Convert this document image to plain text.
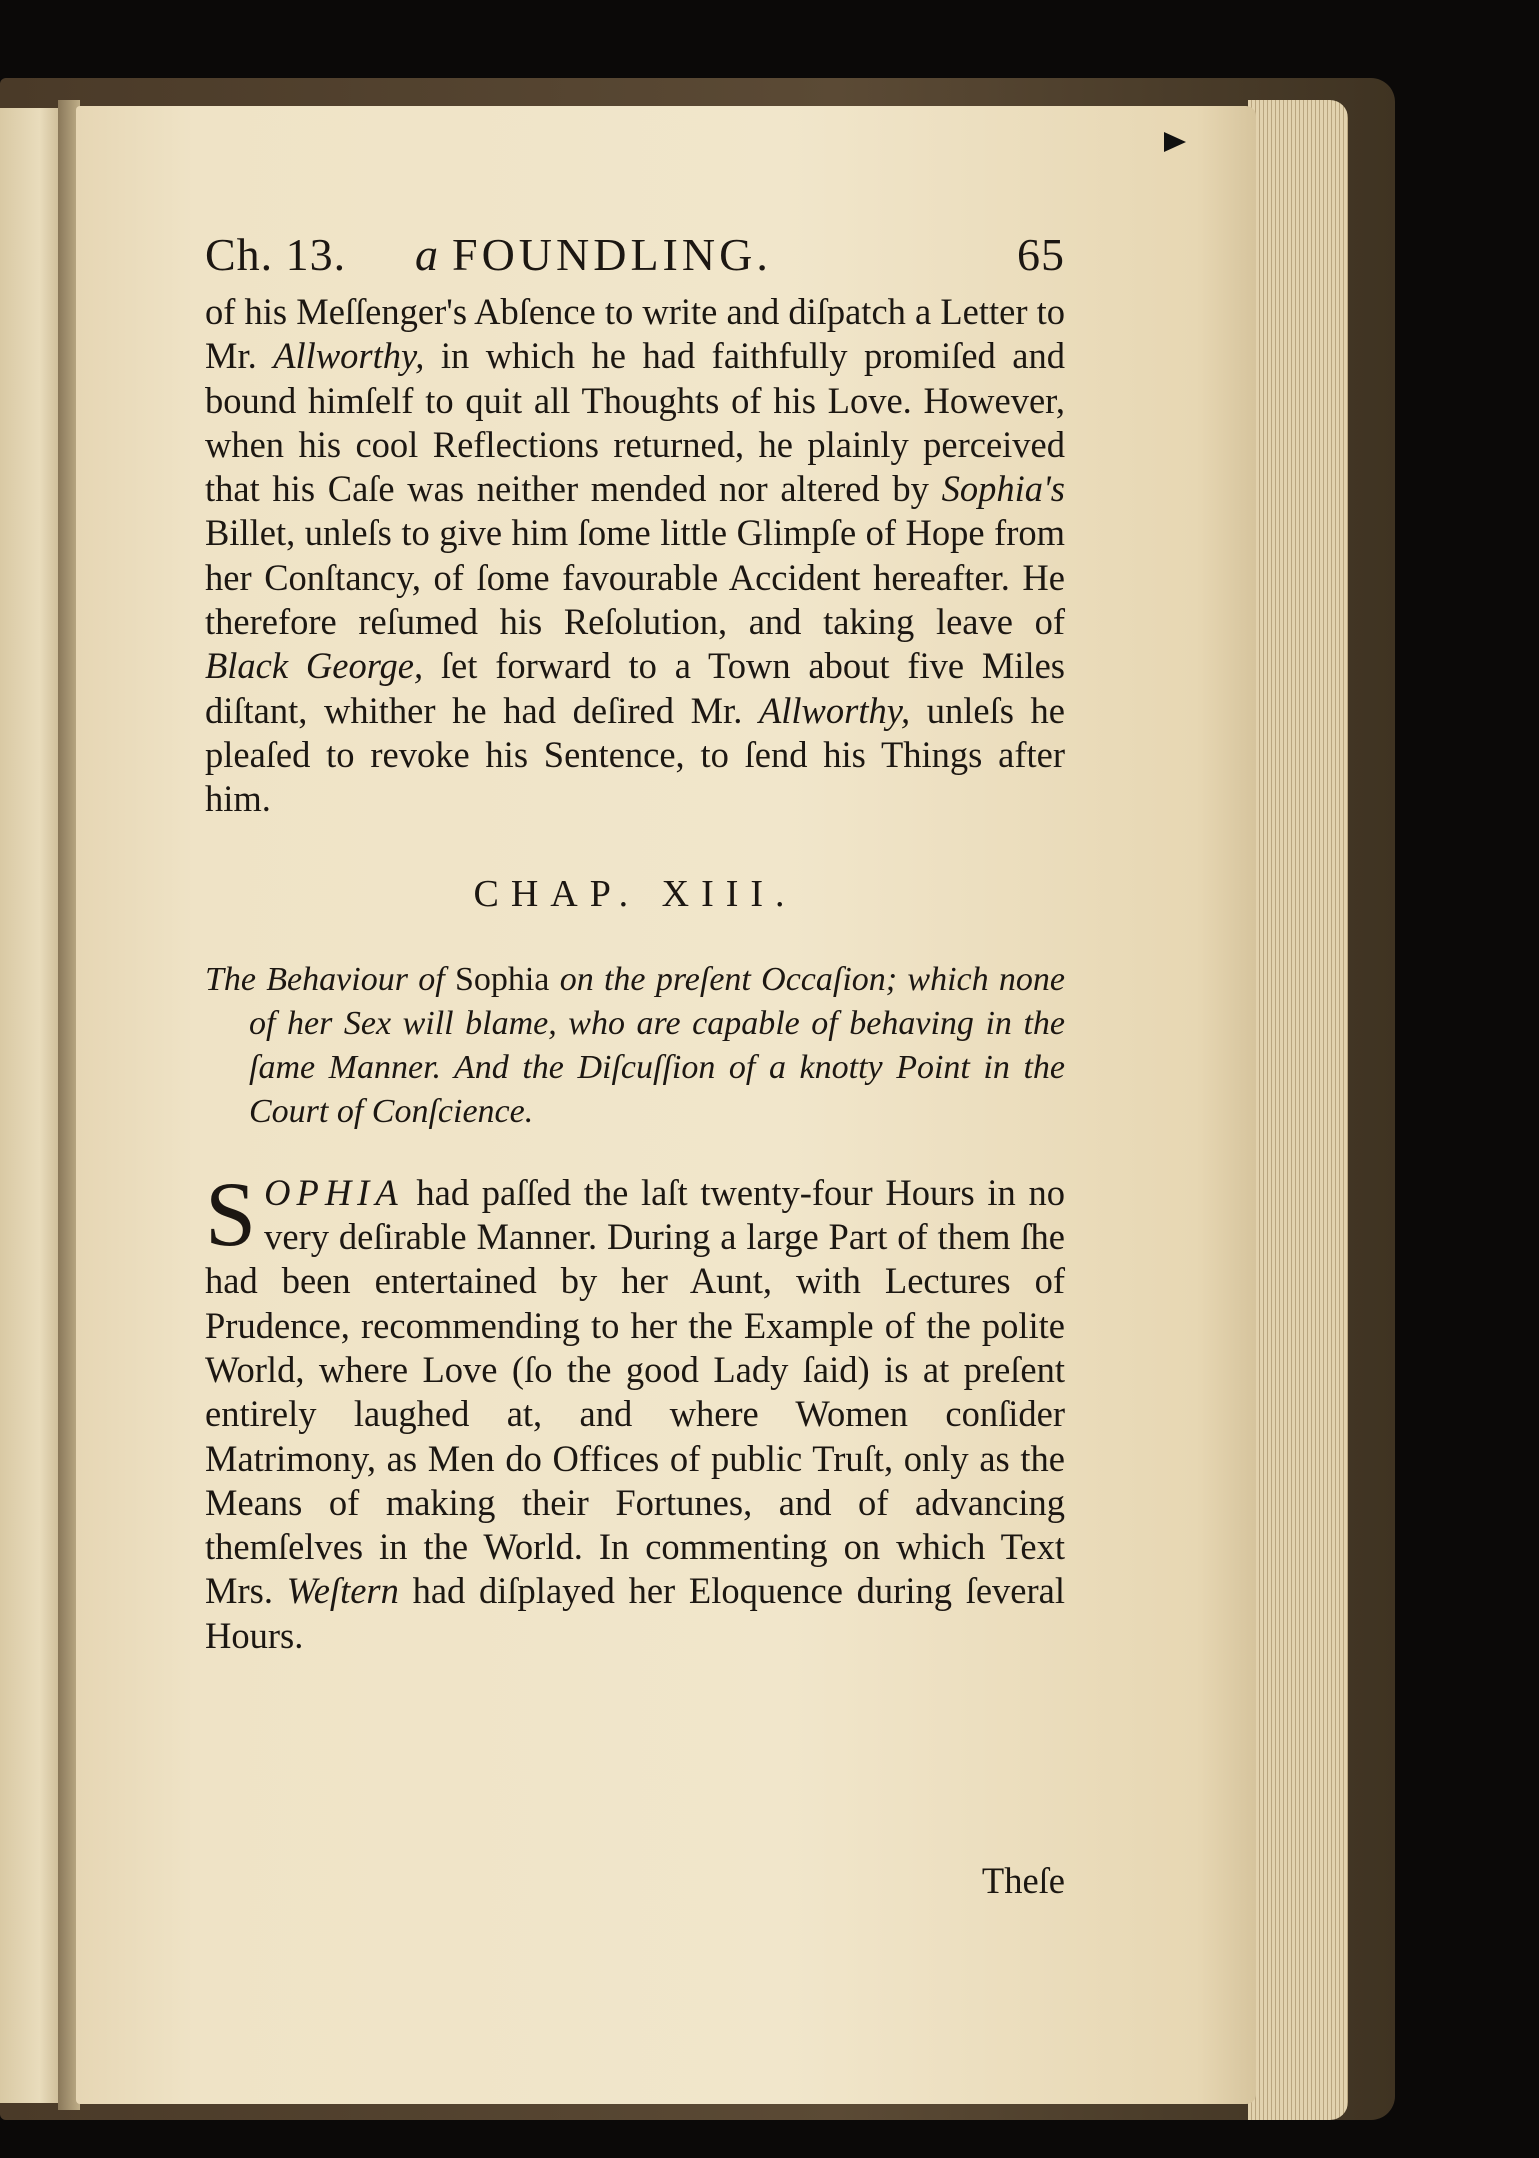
Ch. 13. a FOUNDLING.	65

of his Meſſenger's Abſence to write and diſpatch a Letter to Mr. Allworthy, in which he had faithfully promiſed and bound himſelf to quit all Thoughts of his Love. However, when his cool Reflections returned, he plainly perceived that his Caſe was neither mended nor altered by Sophia's Billet, unleſs to give him ſome little Glimpſe of Hope from her Conſtancy, of ſome favourable Accident hereafter. He therefore reſumed his Reſolution, and taking leave of Black George, ſet forward to a Town about five Miles diſtant, whither he had deſired Mr. Allworthy, unleſs he pleaſed to revoke his Sentence, to ſend his Things after him.

CHAP. XIII.

The Behaviour of Sophia on the preſent Occaſion; which none of her Sex will blame, who are capable of behaving in the ſame Manner. And the Diſcuſſion of a knotty Point in the Court of Conſcience.

SOPHIA had paſſed the laſt twenty-four Hours in no very deſirable Manner. During a large Part of them ſhe had been entertained by her Aunt, with Lectures of Prudence, recommending to her the Example of the polite World, where Love (ſo the good Lady ſaid) is at preſent entirely laughed at, and where Women conſider Matrimony, as Men do Offices of public Truſt, only as the Means of making their Fortunes, and of advancing themſelves in the World. In commenting on which Text Mrs. Weſtern had diſplayed her Eloquence during ſeveral Hours.

Theſe
